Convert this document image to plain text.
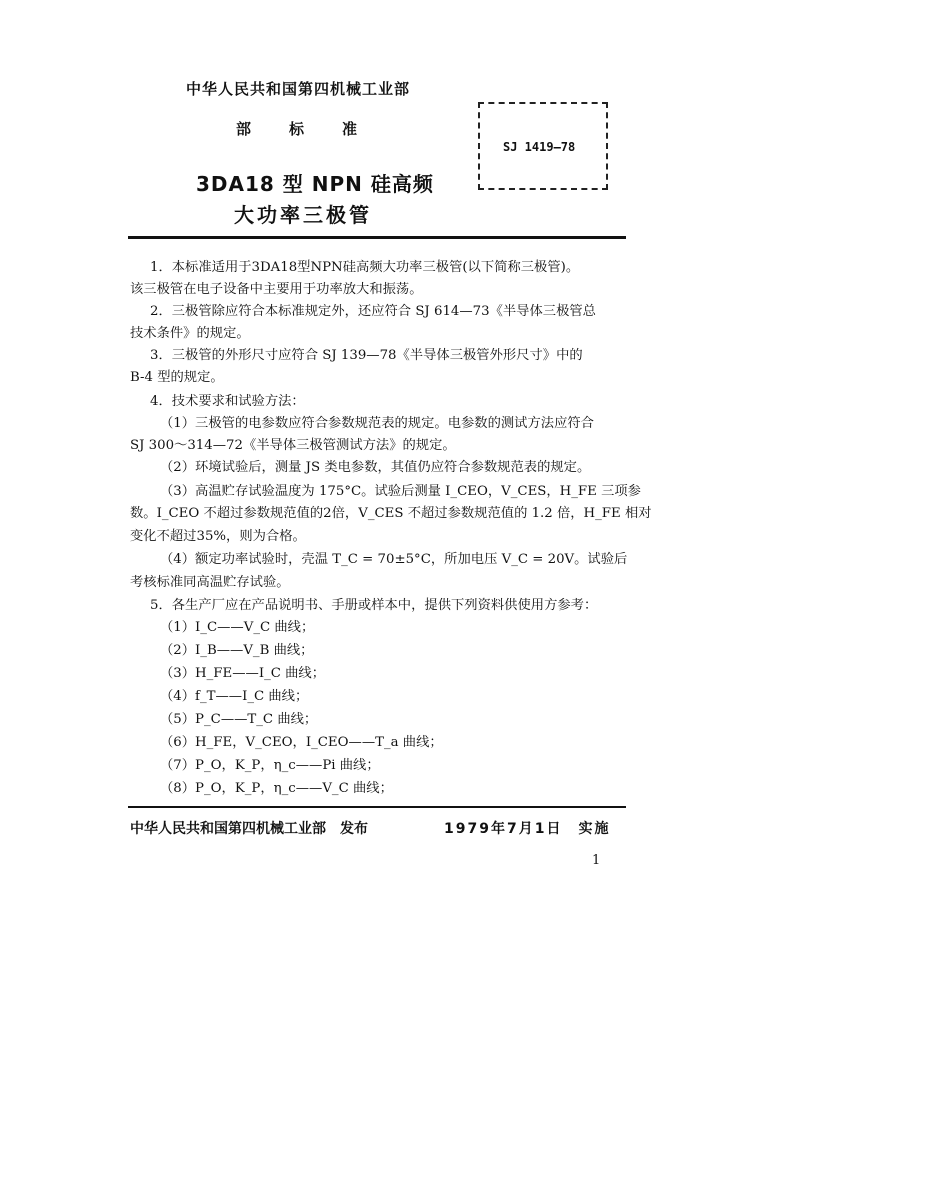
中华人民共和国第四机械工业部
部标准
3DA18 型 NPN 硅高频
大功率三极管
SJ 1419—78
1．本标准适用于3DA18型NPN硅高频大功率三极管(以下简称三极管)。
该三极管在电子设备中主要用于功率放大和振荡。
2．三极管除应符合本标准规定外，还应符合 SJ 614—73《半导体三极管总
技术条件》的规定。
3．三极管的外形尺寸应符合 SJ 139—78《半导体三极管外形尺寸》中的
B-4 型的规定。
4．技术要求和试验方法：
（1）三极管的电参数应符合参数规范表的规定。电参数的测试方法应符合
SJ 300～314—72《半导体三极管测试方法》的规定。
（2）环境试验后，测量 JS 类电参数，其值仍应符合参数规范表的规定。
（3）高温贮存试验温度为 175°C。试验后测量 I_CEO，V_CES，H_FE 三项参
数。I_CEO 不超过参数规范值的2倍，V_CES 不超过参数规范值的 1.2 倍，H_FE 相对
变化不超过35%，则为合格。
（4）额定功率试验时，壳温 T_C = 70±5°C，所加电压 V_C = 20V。试验后
考核标准同高温贮存试验。
5．各生产厂应在产品说明书、手册或样本中，提供下列资料供使用方参考：
（1）I_C——V_C 曲线；
（2）I_B——V_B 曲线；
（3）H_FE——I_C 曲线；
（4）f_T——I_C 曲线；
（5）P_C——T_C 曲线；
（6）H_FE，V_CEO，I_CEO——T_a 曲线；
（7）P_O，K_P，η_c——Pi 曲线；
（8）P_O，K_P，η_c——V_C 曲线；
中华人民共和国第四机械工业部　发布	1979年7月1日　实施
1
